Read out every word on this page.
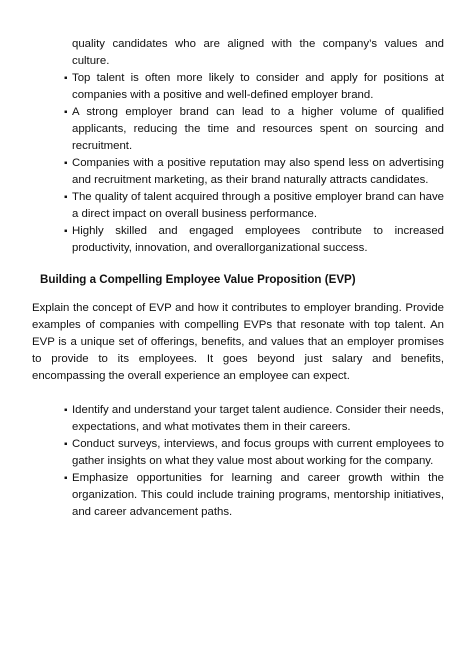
quality candidates who are aligned with the company’s values and culture.

▪ Top talent is often more likely to consider and apply for positions at companies with a positive and well-defined employer brand.
▪ A strong employer brand can lead to a higher volume of qualified applicants, reducing the time and resources spent on sourcing and recruitment.
▪ Companies with a positive reputation may also spend less on advertising and recruitment marketing, as their brand naturally attracts candidates.
▪ The quality of talent acquired through a positive employer brand can have a direct impact on overall business performance.
▪ Highly skilled and engaged employees contribute to increased productivity, innovation, and overallorganizational success.
Building a Compelling Employee Value Proposition (EVP)

Explain the concept of EVP and how it contributes to employer branding. Provide examples of companies with compelling EVPs that resonate with top talent. An EVP is a unique set of offerings, benefits, and values that an employer promises to provide to its employees. It goes beyond just salary and benefits, encompassing the overall experience an employee can expect.

▪ Identify and understand your target talent audience. Consider their needs, expectations, and what motivates them in their careers.
▪ Conduct surveys, interviews, and focus groups with current employees to gather insights on what they value most about working for the company.
▪ Emphasize opportunities for learning and career growth within the organization. This could include training programs, mentorship initiatives, and career advancement paths.
